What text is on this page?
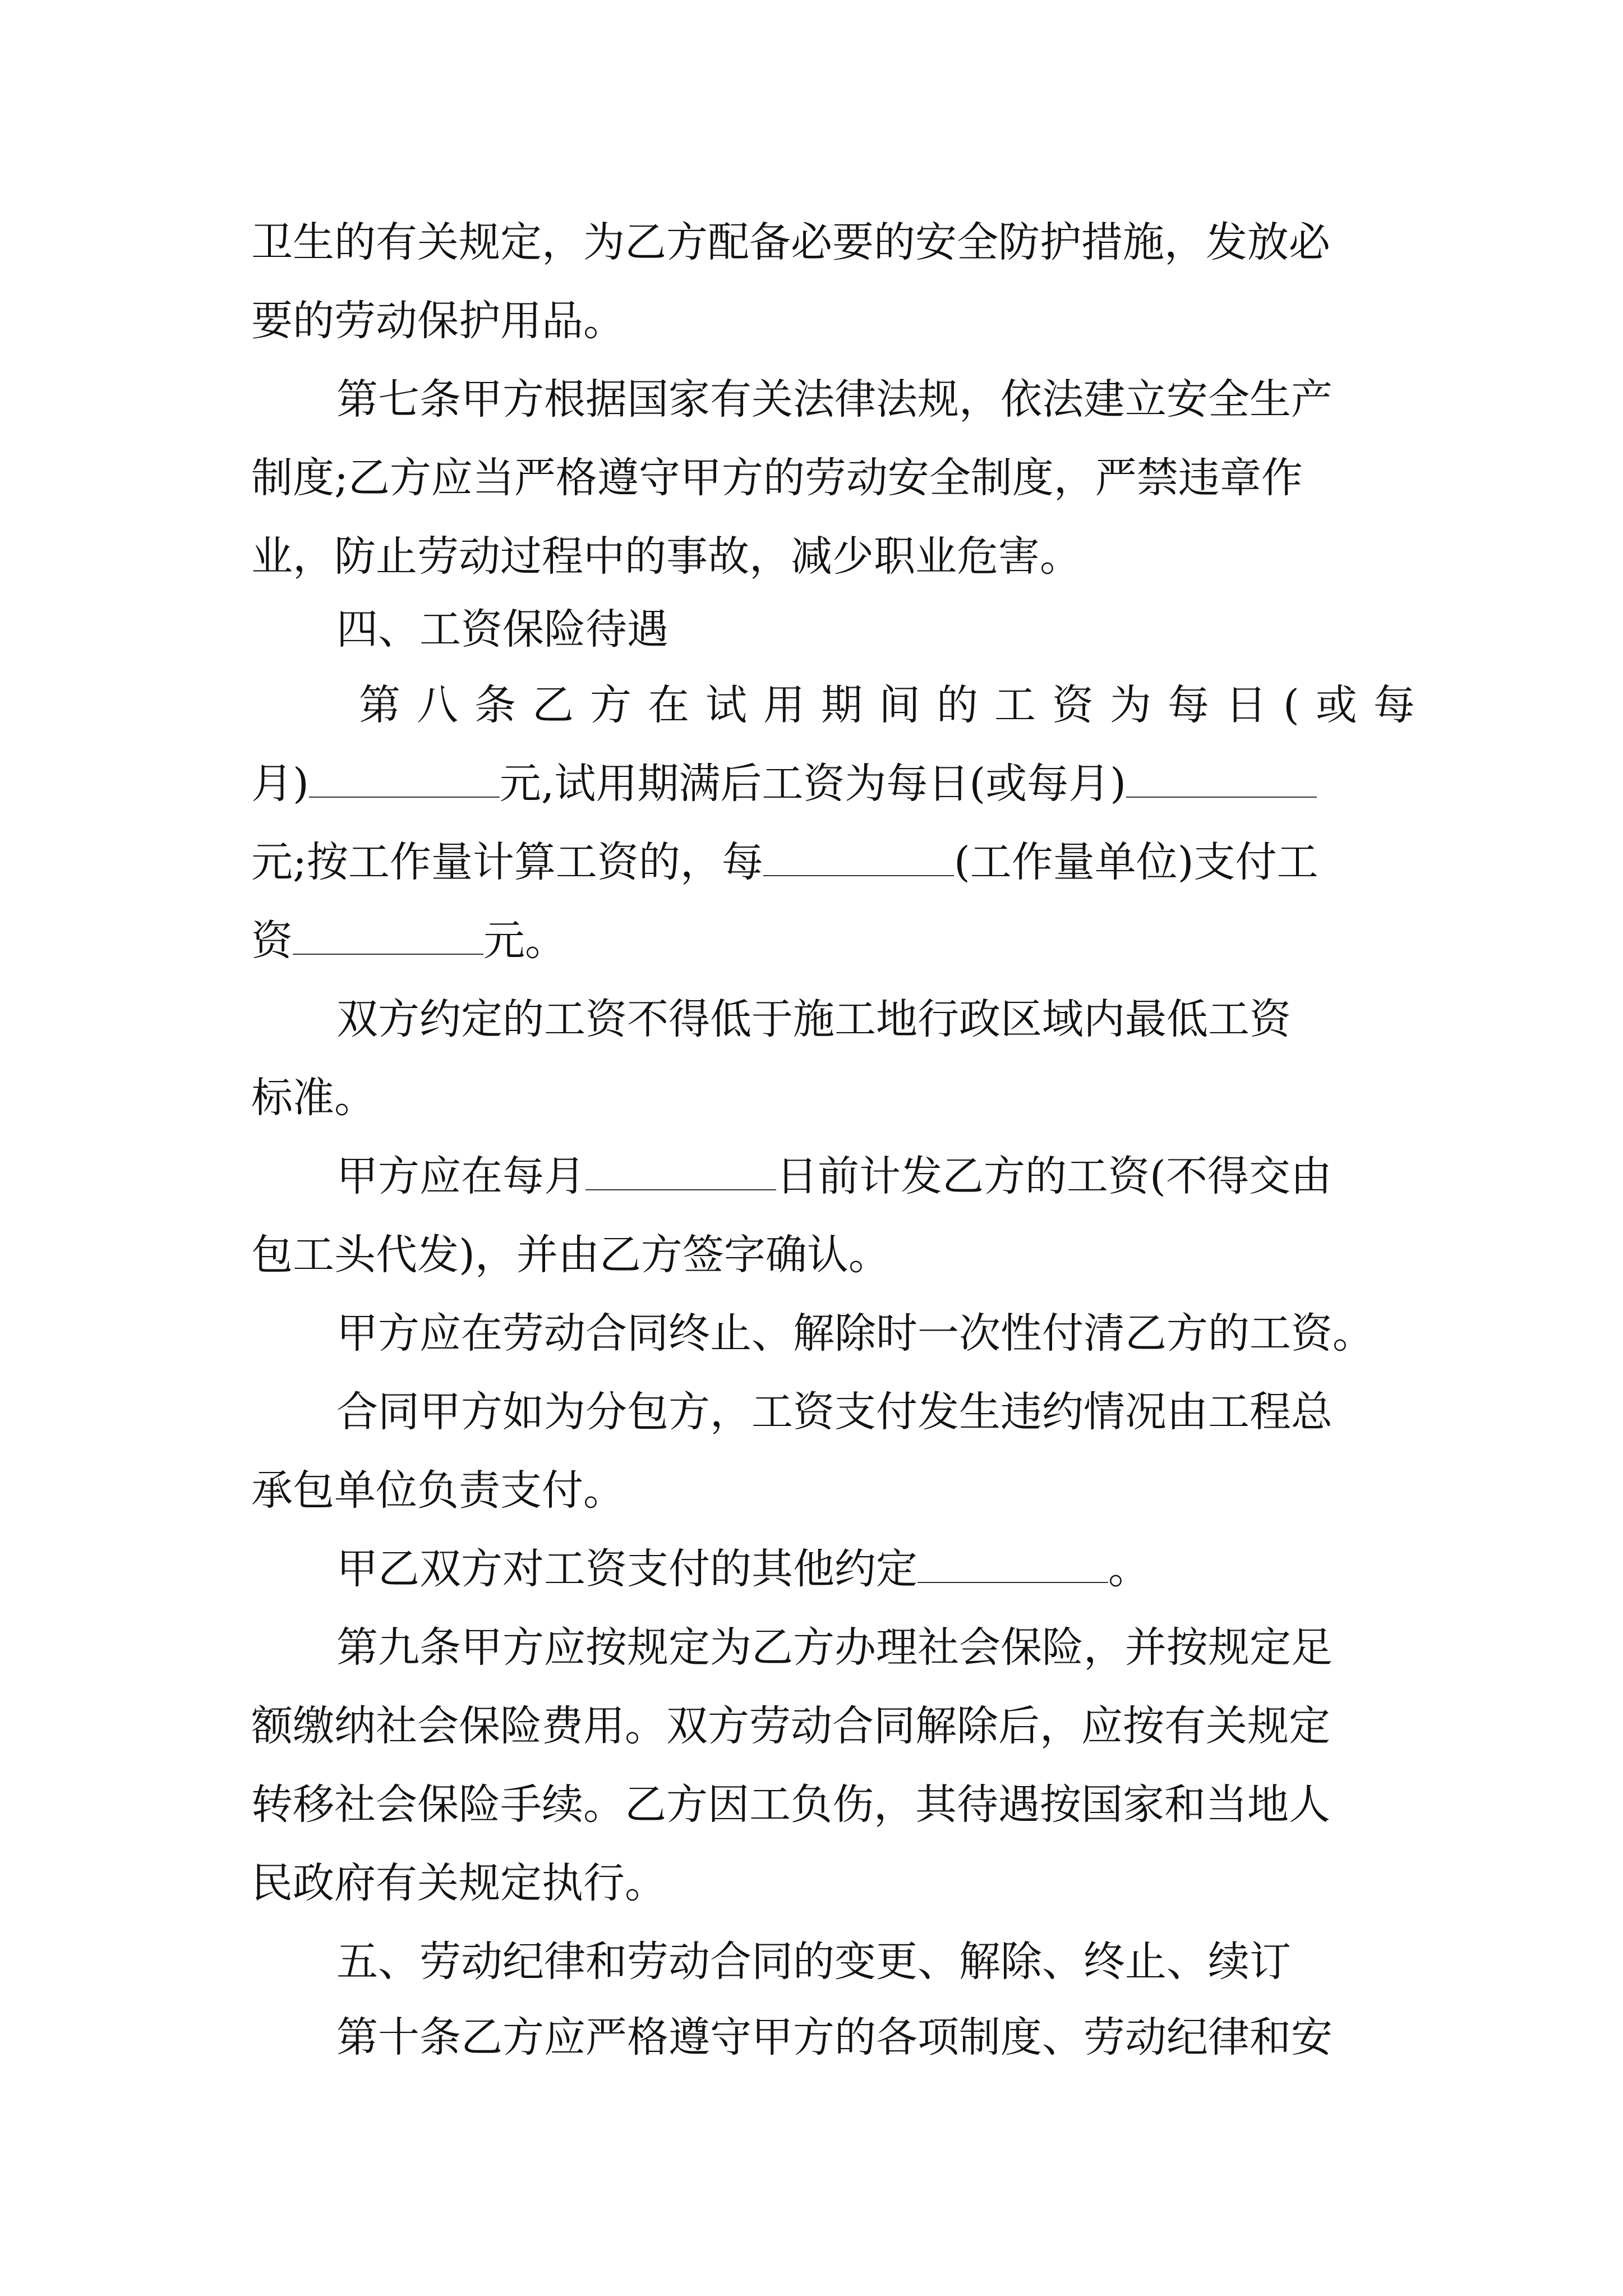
卫生的有关规定，为乙方配备必要的安全防护措施，发放必
要的劳动保护用品。
第七条甲方根据国家有关法律法规，依法建立安全生产
制度;乙方应当严格遵守甲方的劳动安全制度，严禁违章作
业，防止劳动过程中的事故，减少职业危害。
四、工资保险待遇
第八条乙方在试用期间的工资为每日(或每
月)	元,试用期满后工资为每日(或每月)
元;按工作量计算工资的，每	(工作量单位)支付工
资	元。
双方约定的工资不得低于施工地行政区域内最低工资
标准。
甲方应在每月	日前计发乙方的工资(不得交由
包工头代发)，并由乙方签字确认。
甲方应在劳动合同终止、解除时一次性付清乙方的工资。
合同甲方如为分包方，工资支付发生违约情况由工程总
承包单位负责支付。
甲乙双方对工资支付的其他约定	。
第九条甲方应按规定为乙方办理社会保险，并按规定足
额缴纳社会保险费用。双方劳动合同解除后，应按有关规定
转移社会保险手续。乙方因工负伤，其待遇按国家和当地人
民政府有关规定执行。
五、劳动纪律和劳动合同的变更、解除、终止、续订
第十条乙方应严格遵守甲方的各项制度、劳动纪律和安
